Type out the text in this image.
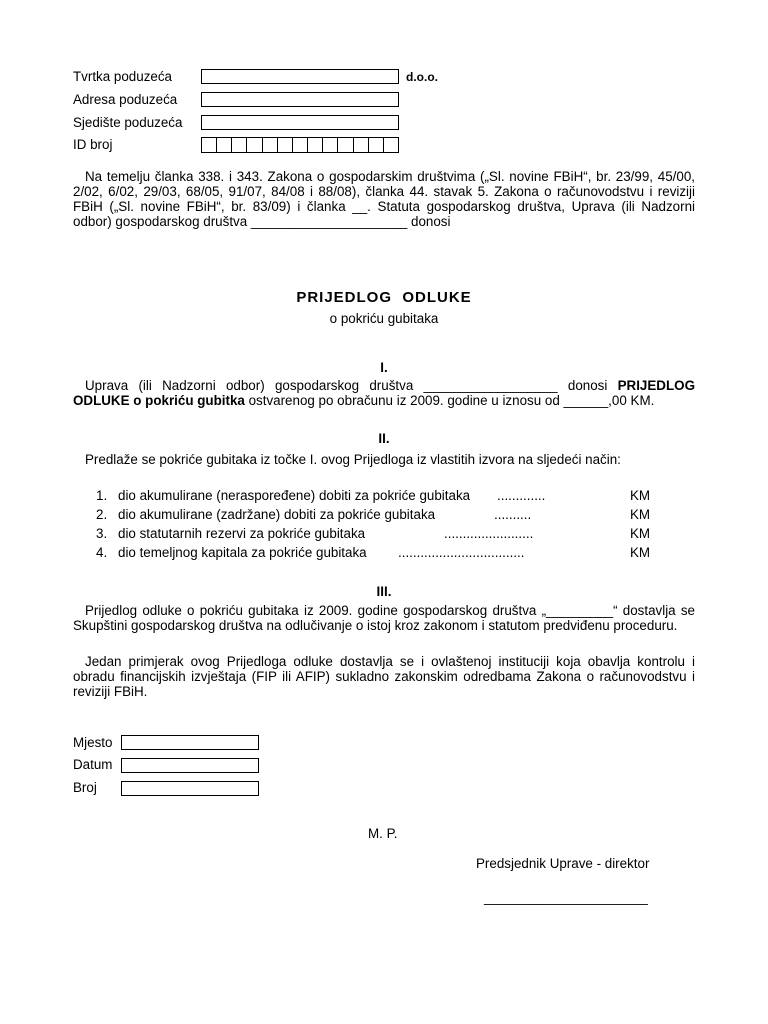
Tvrtka poduzeća	d.o.o.
Adresa poduzeća
Sjedište poduzeća
ID broj
Na temelju članka 338. i 343. Zakona o gospodarskim društvima („Sl. novine FBiH“, br. 23/99, 45/00, 2/02, 6/02, 29/03, 68/05, 91/07, 84/08 i 88/08), članka 44. stavak 5. Zakona o računovodstvu i reviziji FBiH („Sl. novine FBiH“, br. 83/09) i članka __. Statuta gospodarskog društva, Uprava (ili Nadzorni odbor) gospodarskog društva _____________________ donosi
PRIJEDLOG  ODLUKE
o pokriću gubitaka
I.
Uprava (ili Nadzorni odbor) gospodarskog društva __________________ donosi PRIJEDLOG ODLUKE o pokriću gubitka ostvarenog po obračunu iz 2009. godine u iznosu od ______,00 KM.
II.
Predlaže se pokriće gubitaka iz točke I. ovog Prijedloga iz vlastitih izvora na sljedeći način:
1. dio akumulirane (neraspoređene) dobiti za pokriće gubitaka .............	KM
2. dio akumulirane (zadržane) dobiti za pokriće gubitaka	..........	KM
3. dio statutarnih rezervi za pokriće gubitaka	........................	KM
4. dio temeljnog kapitala za pokriće gubitaka ..................................	KM
III.
Prijedlog odluke o pokriću gubitaka iz 2009. godine gospodarskog društva „_________“ dostavlja se Skupštini gospodarskog društva na odlučivanje o istoj kroz zakonom i statutom predviđenu proceduru.
Jedan primjerak ovog Prijedloga odluke dostavlja se i ovlaštenoj instituciji koja obavlja kontrolu i obradu financijskih izvještaja (FIP ili AFIP) sukladno zakonskim odredbama Zakona o računovodstvu i reviziji FBiH.
Mjesto
Datum
Broj
M. P.
Predsjednik Uprave - direktor
______________________
